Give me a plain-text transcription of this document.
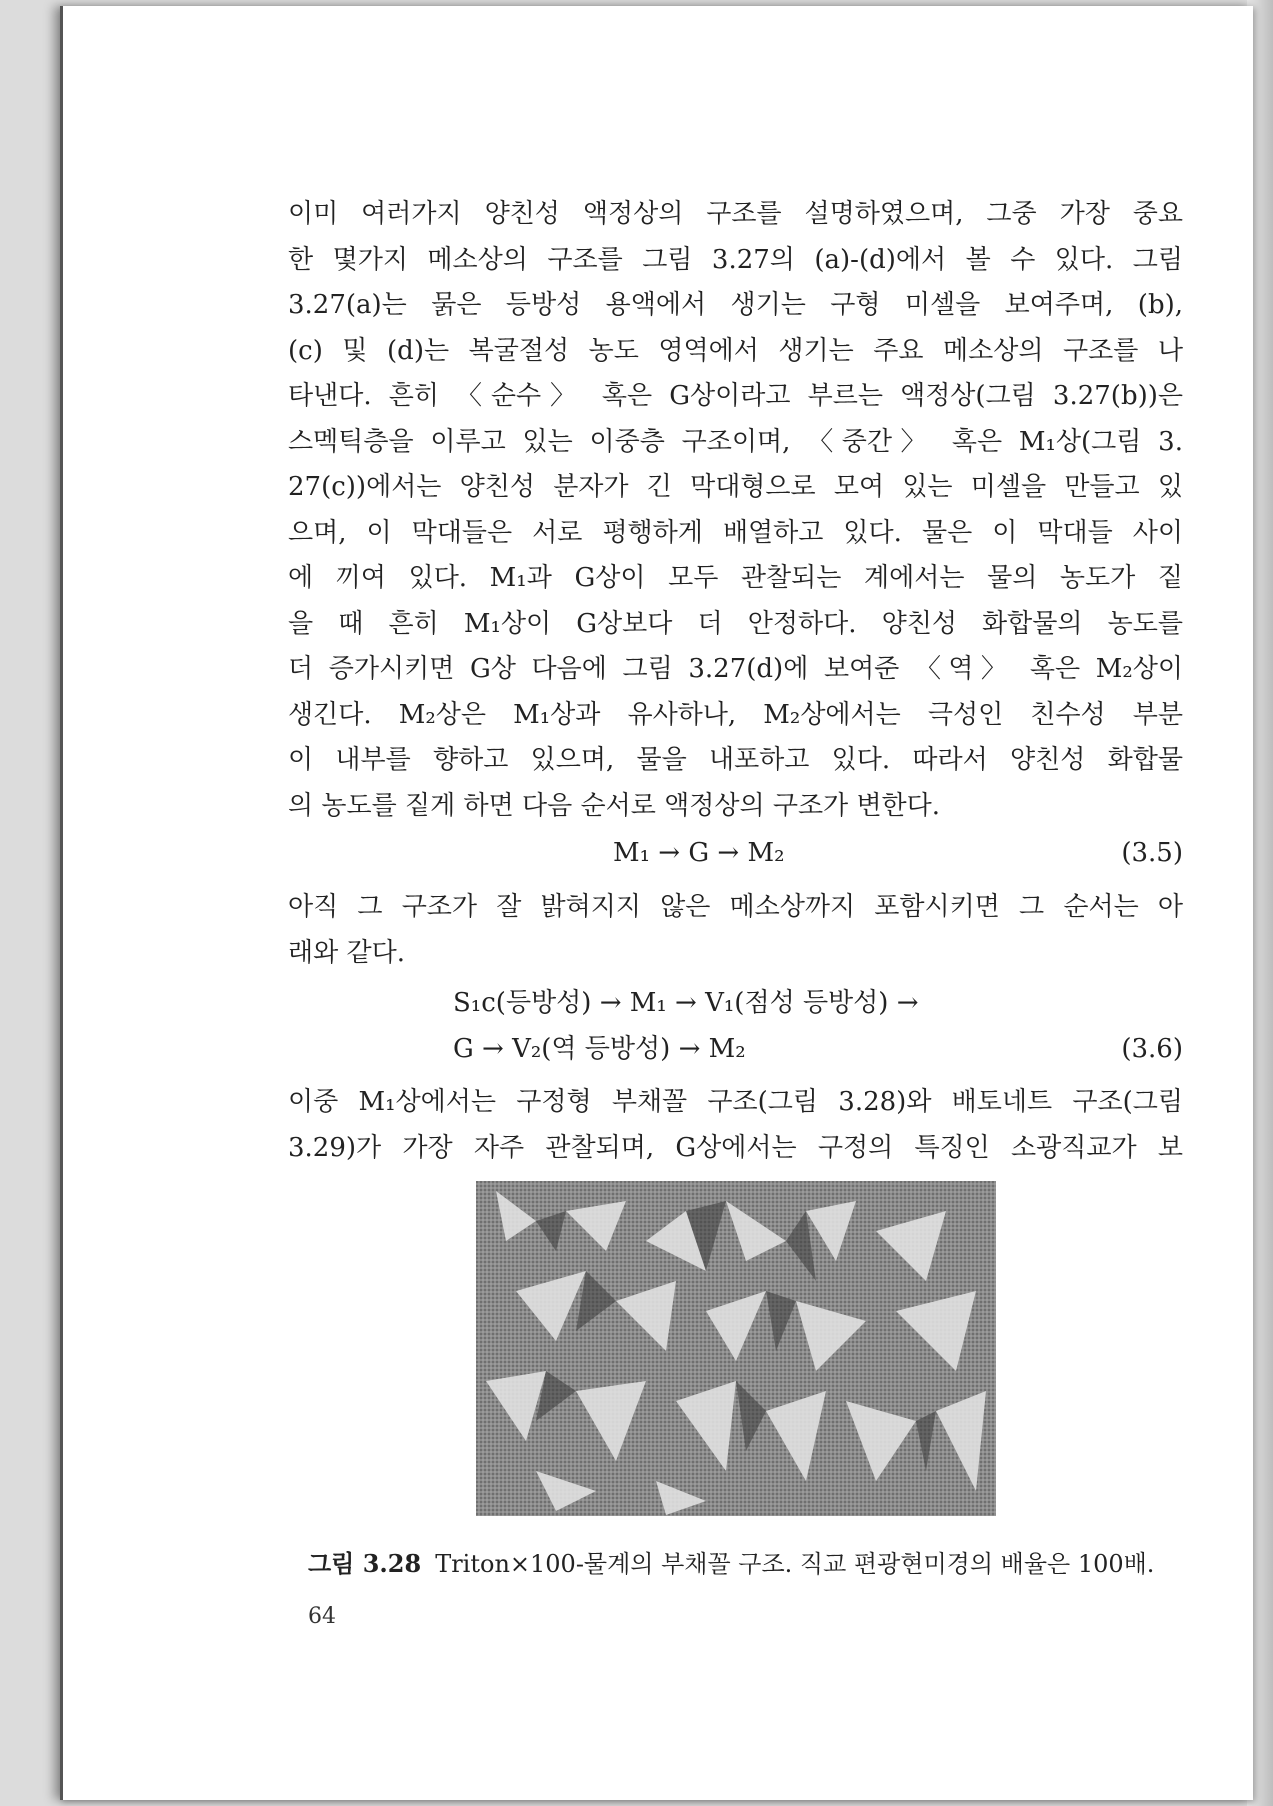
이미 여러가지 양친성 액정상의 구조를 설명하였으며, 그중 가장 중요
한 몇가지 메소상의 구조를 그림 3.27의 (a)-(d)에서 볼 수 있다. 그림
3.27(a)는 묽은 등방성 용액에서 생기는 구형 미셀을 보여주며, (b),
(c) 및 (d)는 복굴절성 농도 영역에서 생기는 주요 메소상의 구조를 나
타낸다. 흔히 〈순수〉 혹은 G상이라고 부르는 액정상(그림 3.27(b))은
스멕틱층을 이루고 있는 이중층 구조이며, 〈중간〉 혹은 M₁상(그림 3.
27(c))에서는 양친성 분자가 긴 막대형으로 모여 있는 미셀을 만들고 있
으며, 이 막대들은 서로 평행하게 배열하고 있다. 물은 이 막대들 사이
에 끼여 있다. M₁과 G상이 모두 관찰되는 계에서는 물의 농도가 짙
을 때 흔히 M₁상이 G상보다 더 안정하다. 양친성 화합물의 농도를
더 증가시키면 G상 다음에 그림 3.27(d)에 보여준 〈역〉 혹은 M₂상이
생긴다. M₂상은 M₁상과 유사하나, M₂상에서는 극성인 친수성 부분
이 내부를 향하고 있으며, 물을 내포하고 있다. 따라서 양친성 화합물
의 농도를 짙게 하면 다음 순서로 액정상의 구조가 변한다.
M₁ → G → M₂	(3.5)
아직 그 구조가 잘 밝혀지지 않은 메소상까지 포함시키면 그 순서는 아
래와 같다.
S₁c(등방성) → M₁ → V₁(점성 등방성) →
G → V₂(역 등방성) → M₂	(3.6)
이중 M₁상에서는 구정형 부채꼴 구조(그림 3.28)와 배토네트 구조(그림
3.29)가 가장 자주 관찰되며, G상에서는 구정의 특징인 소광직교가 보
그림 3.28 Triton×100-물계의 부채꼴 구조. 직교 편광현미경의 배율은 100배.
64
